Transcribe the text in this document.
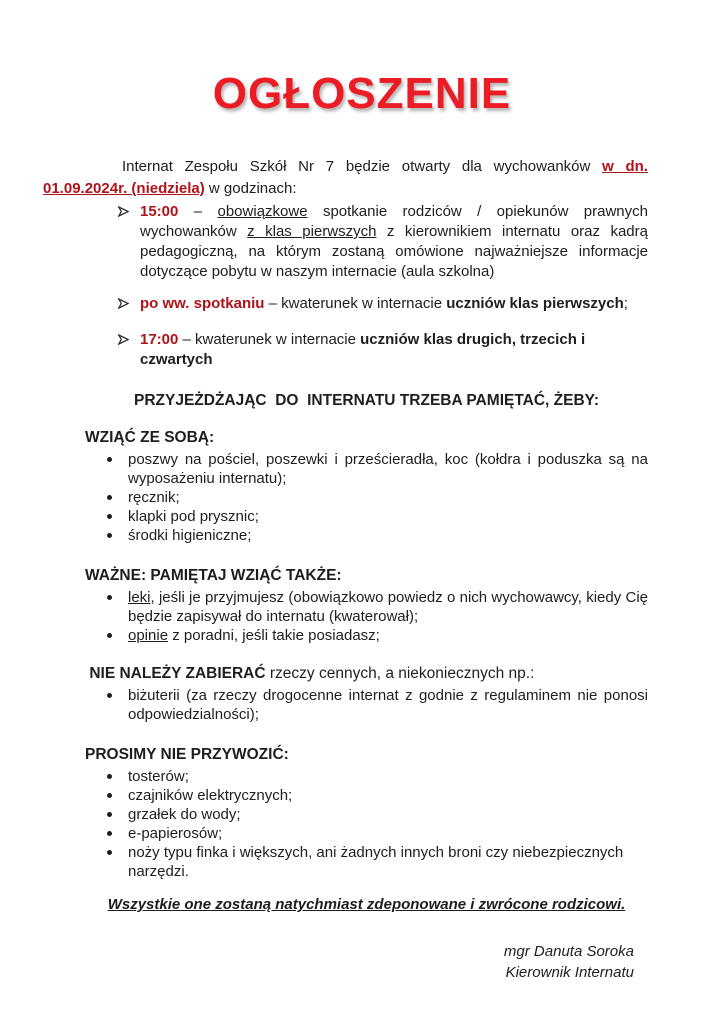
OGŁOSZENIE

Internat Zespołu Szkół Nr 7 będzie otwarty dla wychowanków w dn. 01.09.2024r. (niedziela) w godzinach:

15:00 – obowiązkowe spotkanie rodziców / opiekunów prawnych wychowanków z klas pierwszych z kierownikiem internatu oraz kadrą pedagogiczną, na którym zostaną omówione najważniejsze informacje dotyczące pobytu w naszym internacie (aula szkolna)
po ww. spotkaniu – kwaterunek w internacie uczniów klas pierwszych;
17:00 – kwaterunek w internacie uczniów klas drugich, trzecich i czwartych

PRZYJEŻDŻAJĄC  DO  INTERNATU TRZEBA PAMIĘTAĆ, ŻEBY:

WZIĄĆ ZE SOBĄ:

poszwy na pościel, poszewki i prześcieradła, koc (kołdra i poduszka są na wyposażeniu internatu);
ręcznik;
klapki pod prysznic;
środki higieniczne;

WAŻNE: PAMIĘTAJ WZIĄĆ TAKŻE:

leki, jeśli je przyjmujesz (obowiązkowo powiedz o nich wychowawcy, kiedy Cię będzie zapisywał do internatu (kwaterował);
opinie z poradni, jeśli takie posiadasz;

NIE NALEŻY ZABIERAĆ rzeczy cennych, a niekoniecznych np.:

biżuterii (za rzeczy drogocenne internat z godnie z regulaminem nie ponosi odpowiedzialności);

PROSIMY NIE PRZYWOZIĆ:

tosterów;
czajników elektrycznych;
grzałek do wody;
e-papierosów;
noży typu finka i większych, ani żadnych innych broni czy niebezpiecznych narzędzi.

Wszystkie one zostaną natychmiast zdeponowane i zwrócone rodzicowi.

mgr Danuta Soroka
Kierownik Internatu
